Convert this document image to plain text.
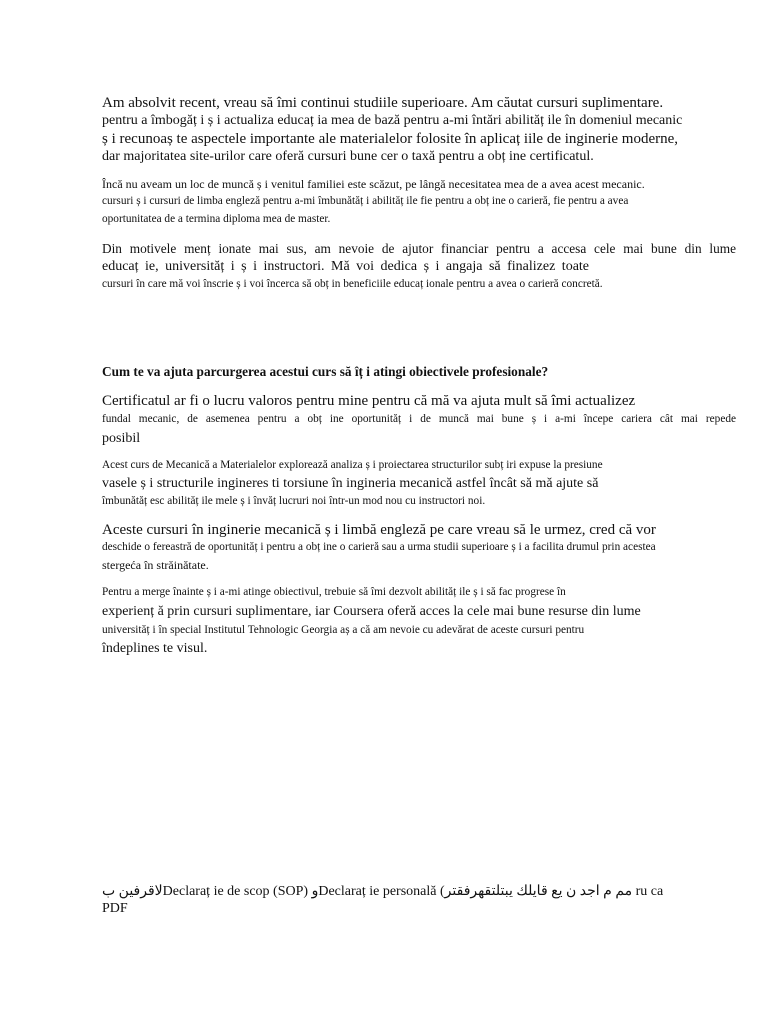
Am absolvit recent, vreau să îmi continui studiile superioare. Am căutat cursuri suplimentare.
pentru a îmbogăț i ș i actualiza educaț ia mea de bază pentru a-mi întări abilităț ile în domeniul mecanic
ș i recunoaș te aspectele importante ale materialelor folosite în aplicaț iile de inginerie moderne,
dar majoritatea site-urilor care oferă cursuri bune cer o taxă pentru a obț ine certificatul.
Încă nu aveam un loc de muncă ș i venitul familiei este scăzut, pe lângă necesitatea mea de a avea acest mecanic.
cursuri ș i cursuri de limba engleză pentru a-mi îmbunătăț i abilităț ile fie pentru a obț ine o carieră, fie pentru a avea
oportunitatea de a termina diploma mea de master.
Din motivele menț ionate mai sus, am nevoie de ajutor financiar pentru a accesa cele mai bune din lume
educaț ie, universităț i ș i instructori. Mă voi dedica ș i angaja să finalizez toate
cursuri în care mă voi înscrie ș i voi încerca să obț in beneficiile educaț ionale pentru a avea o carieră concretă.
Cum te va ajuta parcurgerea acestui curs să îț i atingi obiectivele profesionale?
Certificatul ar fi o lucru valoros pentru mine pentru că mă va ajuta mult să îmi actualizez
fundal mecanic, de asemenea pentru a obț ine oportunităț i de muncă mai bune ș i a-mi începe cariera cât mai repede
posibil
Acest curs de Mecanică a Materialelor explorează analiza ș i proiectarea structurilor subț iri expuse la presiune
vasele ș i structurile ingineres ti torsiune în ingineria mecanică astfel încât să mă ajute să
îmbunătăț esc abilităț ile mele ș i învăț lucruri noi într-un mod nou cu instructori noi.
Aceste cursuri în inginerie mecanică ș i limbă engleză pe care vreau să le urmez, cred că vor
deschide o fereastră de oportunităț i pentru a obț ine o carieră sau a urma studii superioare ș i a facilita drumul prin acestea
stergeća în străinătate.
Pentru a merge înainte ș i a-mi atinge obiectivul, trebuie să îmi dezvolt abilităț ile ș i să fac progrese în
experienț ă prin cursuri suplimentare, iar Coursera oferă acces la cele mai bune resurse din lume
universităț i în special Institutul Tehnologic Georgia aș a că am nevoie cu adevărat de aceste cursuri pentru
îndeplines te visul.
لاقرفين بDeclaraț ie de scop (SOP) وDeclaraț ie personală (مم م اجد ن يع قايلك يبتلتقهرفقتر ru ca
PDF
